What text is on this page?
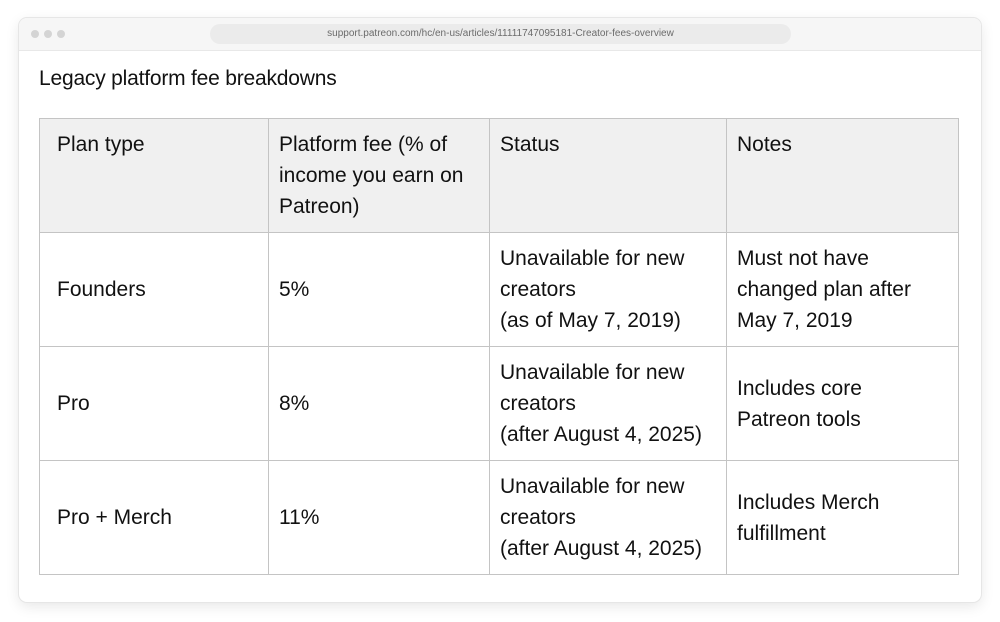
support.patreon.com/hc/en-us/articles/11111747095181-Creator-fees-overview
Legacy platform fee breakdowns
Plan type	Platform fee (% of
income you earn on
Patreon)	Status	Notes

Founders	5%	Unavailable for new
creators
(as of May 7, 2019)	Must not have
changed plan after
May 7, 2019

Pro	8%	Unavailable for new
creators
(after August 4, 2025)	Includes core
Patreon tools

Pro + Merch	11%	Unavailable for new
creators
(after August 4, 2025)	Includes Merch
fulfillment
